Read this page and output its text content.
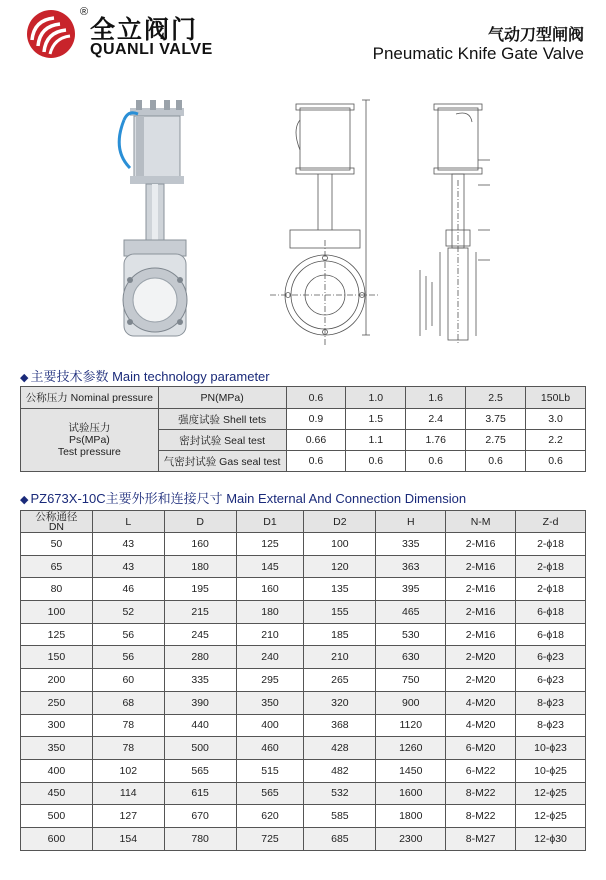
®
全立阀门
QUANLI VALVE
气动刀型闸阀
Pneumatic Knife Gate Valve
◆ 主要技术参数 Main technology parameter
公称压力 Nominal pressure	PN(MPa)	0.6	1.0	1.6	2.5	150Lb

试验压力
Ps(MPa)
Test pressure	强度试验 Shell tets	0.9	1.5	2.4	3.75	3.0
	密封试验 Seal test	0.66	1.1	1.76	2.75	2.2
	气密封试验 Gas seal test	0.6	0.6	0.6	0.6	0.6
◆ PZ673X-10C主要外形和连接尺寸 Main External And Connection Dimension
公称通径
DN	L	D	D1	D2	H	N-M	Z-d
50	43	160	125	100	335	2-M16	2-ϕ18
65	43	180	145	120	363	2-M16	2-ϕ18
80	46	195	160	135	395	2-M16	2-ϕ18
100	52	215	180	155	465	2-M16	6-ϕ18
125	56	245	210	185	530	2-M16	6-ϕ18
150	56	280	240	210	630	2-M20	6-ϕ23
200	60	335	295	265	750	2-M20	6-ϕ23
250	68	390	350	320	900	4-M20	8-ϕ23
300	78	440	400	368	1120	4-M20	8-ϕ23
350	78	500	460	428	1260	6-M20	10-ϕ23
400	102	565	515	482	1450	6-M22	10-ϕ25
450	114	615	565	532	1600	8-M22	12-ϕ25
500	127	670	620	585	1800	8-M22	12-ϕ25
600	154	780	725	685	2300	8-M27	12-ϕ30
